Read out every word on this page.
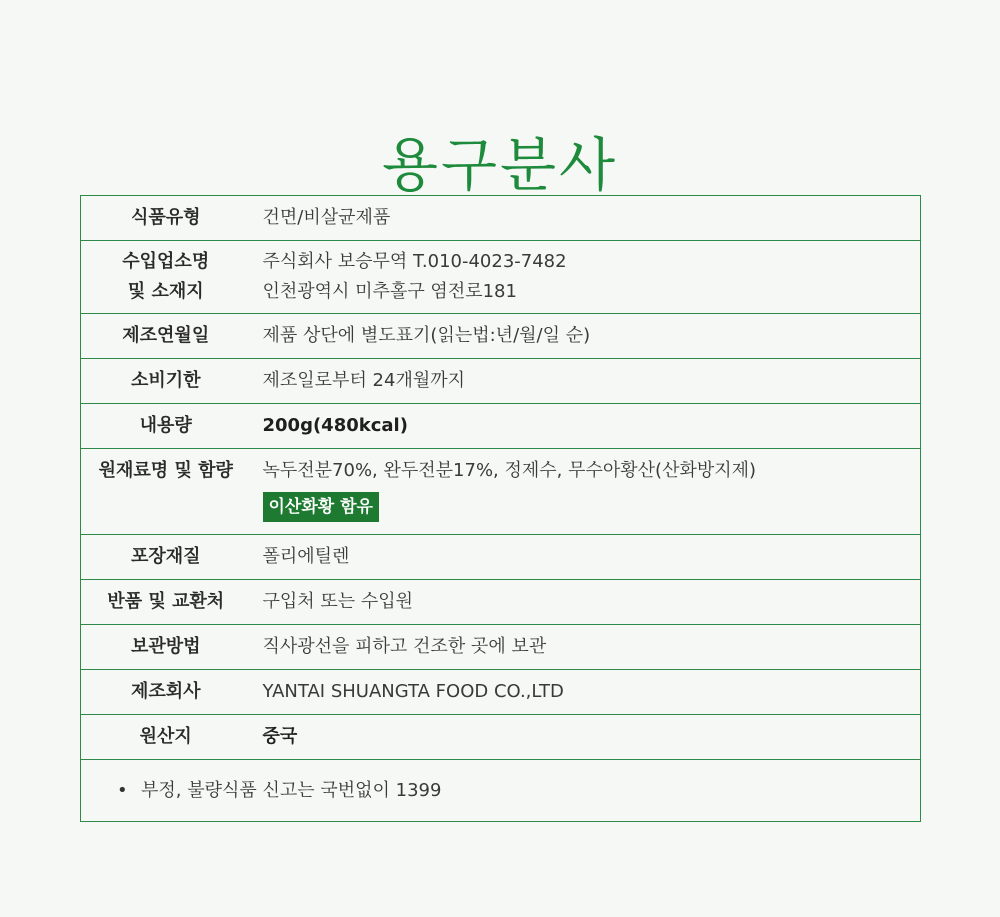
용구분사
식품유형	건면/비살균제품

수입업소명
및 소재지	주식회사 보승무역 T.010-4023-7482
인천광역시 미추홀구 염전로181

제조연월일	제품 상단에 별도표기(읽는법:년/월/일 순)

소비기한	제조일로부터 24개월까지

내용량	200g(480kcal)

원재료명 및 함량	녹두전분70%, 완두전분17%, 정제수, 무수아황산(산화방지제)
이산화황 함유

포장재질	폴리에틸렌

반품 및 교환처	구입처 또는 수입원

보관방법	직사광선을 피하고 건조한 곳에 보관

제조회사	YANTAI SHUANGTA FOOD CO.,LTD

원산지	중국

• 부정, 불량식품 신고는 국번없이 1399	
